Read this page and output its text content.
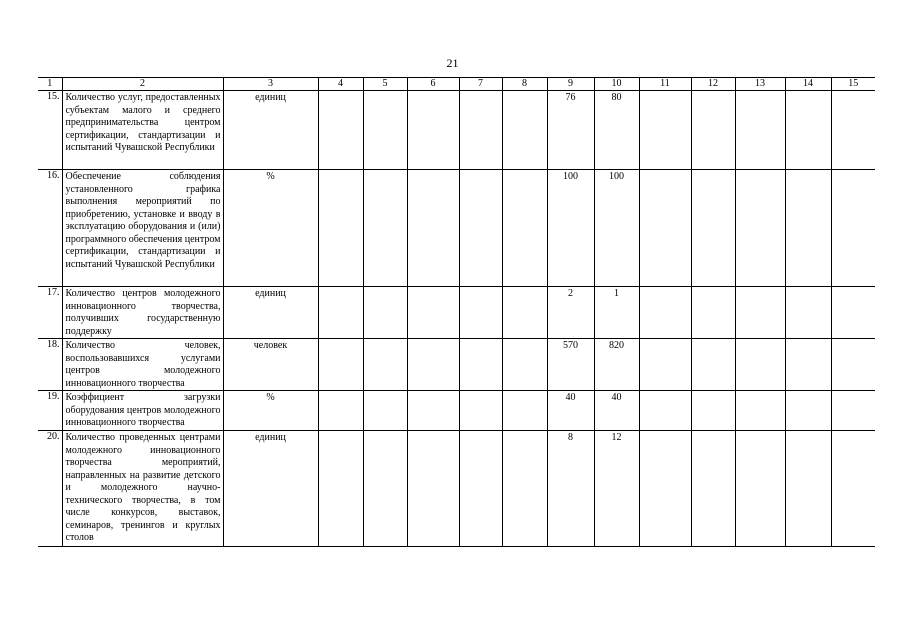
21
1	2	3	4	5	6	7	8	9	10	11	12	13	14	15
15.	Количество услуг, предоставленных субъектам малого и среднего предпринимательства центром сертификации, стандартизации и испытаний Чувашской Республики	единиц						76	80					
16.	Обеспечение соблюдения установленного графика выполнения мероприятий по приобретению, установке и вводу в эксплуатацию оборудования и (или) программного обеспечения центром сертификации, стандартизации и испытаний Чувашской Республики	%						100	100					
17.	Количество центров молодежного инновационного творчества, получивших государственную поддержку	единиц						2	1					
18.	Количество человек, воспользовавшихся услугами центров молодежного инновационного творчества	человек						570	820					
19.	Коэффициент загрузки оборудования центров молодежного инновационного творчества	%						40	40					
20.	Количество проведенных центрами молодежного инновационного творчества мероприятий, направленных на развитие детского и молодежного научно-технического творчества, в том числе конкурсов, выставок, семинаров, тренингов и круглых столов	единиц						8	12					
